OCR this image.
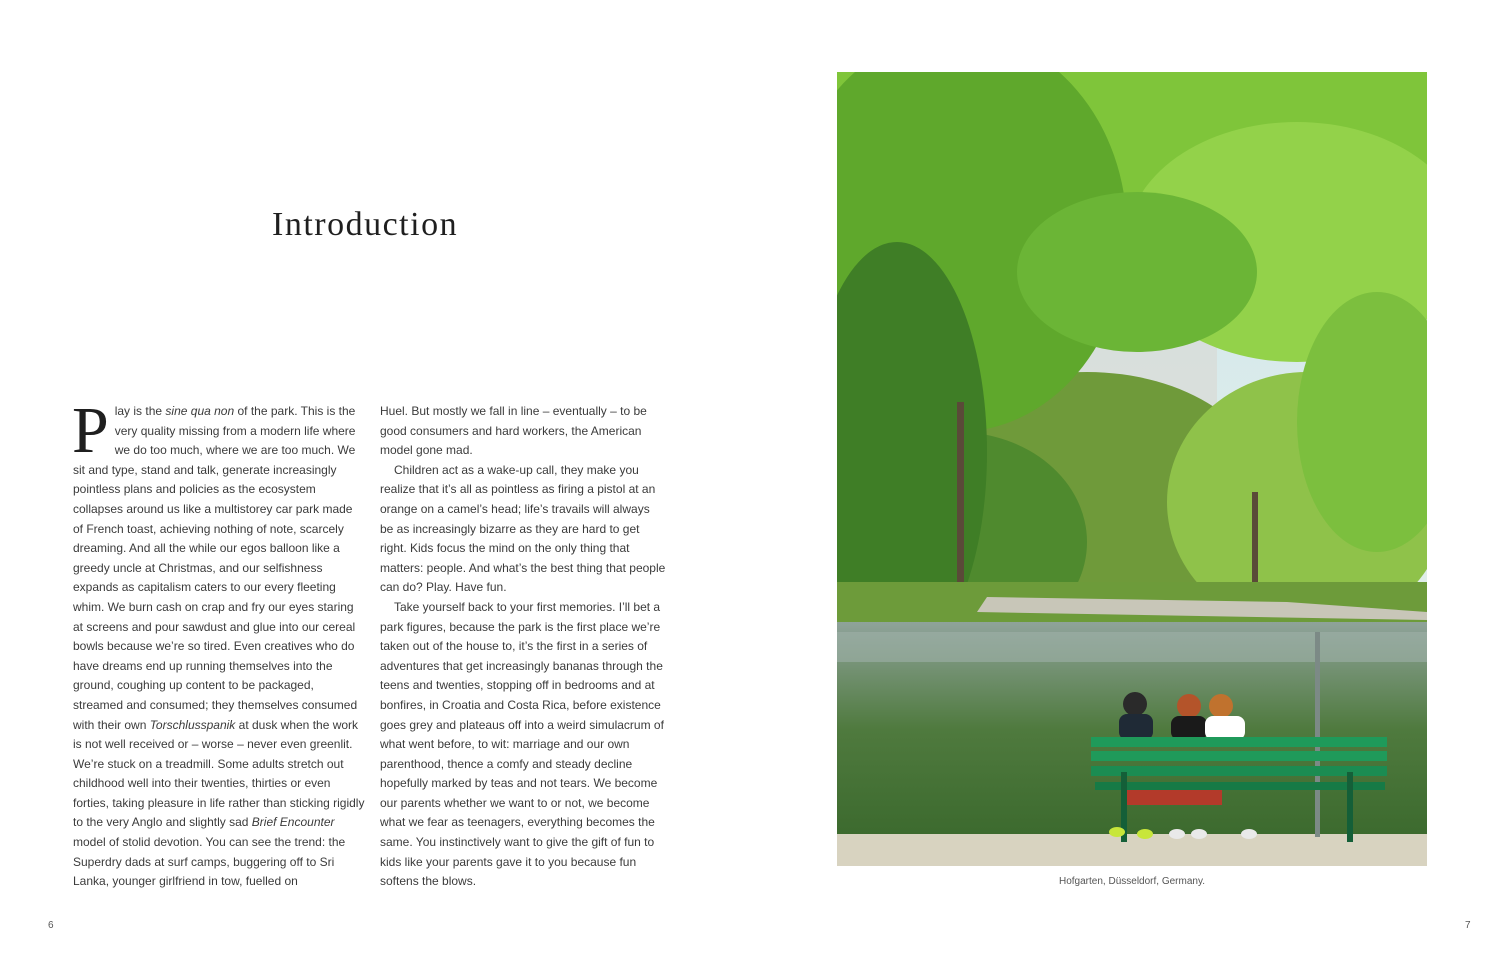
Introduction

Play is the sine qua non of the park. This is the very quality missing from a modern life where we do too much, where we are too much. We sit and type, stand and talk, generate increasingly pointless plans and policies as the ecosystem collapses around us like a multistorey car park made of French toast, achieving nothing of note, scarcely dreaming. And all the while our egos balloon like a greedy uncle at Christmas, and our selfishness expands as capitalism caters to our every fleeting whim. We burn cash on crap and fry our eyes staring at screens and pour sawdust and glue into our cereal bowls because we’re so tired. Even creatives who do have dreams end up running themselves into the ground, coughing up content to be packaged, streamed and consumed; they themselves consumed with their own Torschlusspanik at dusk when the work is not well received or – worse – never even greenlit. We’re stuck on a treadmill. Some adults stretch out childhood well into their twenties, thirties or even forties, taking pleasure in life rather than sticking rigidly to the very Anglo and slightly sad Brief Encounter model of stolid devotion. You can see the trend: the Superdry dads at surf camps, buggering off to Sri Lanka, younger girlfriend in tow, fuelled on

Huel. But mostly we fall in line – eventually – to be good consumers and hard workers, the American model gone mad.

Children act as a wake-up call, they make you realize that it’s all as pointless as firing a pistol at an orange on a camel’s head; life’s travails will always be as increasingly bizarre as they are hard to get right. Kids focus the mind on the only thing that matters: people. And what’s the best thing that people can do? Play. Have fun.

Take yourself back to your first memories. I’ll bet a park figures, because the park is the first place we’re taken out of the house to, it’s the first in a series of adventures that get increasingly bananas through the teens and twenties, stopping off in bedrooms and at bonfires, in Croatia and Costa Rica, before existence goes grey and plateaus off into a weird simulacrum of what went before, to wit: marriage and our own parenthood, thence a comfy and steady decline hopefully marked by teas and not tears. We become our parents whether we want to or not, we become what we fear as teenagers, everything becomes the same. You instinctively want to give the gift of fun to kids like your parents gave it to you because fun softens the blows.

6
Hofgarten, Düsseldorf, Germany.
7
